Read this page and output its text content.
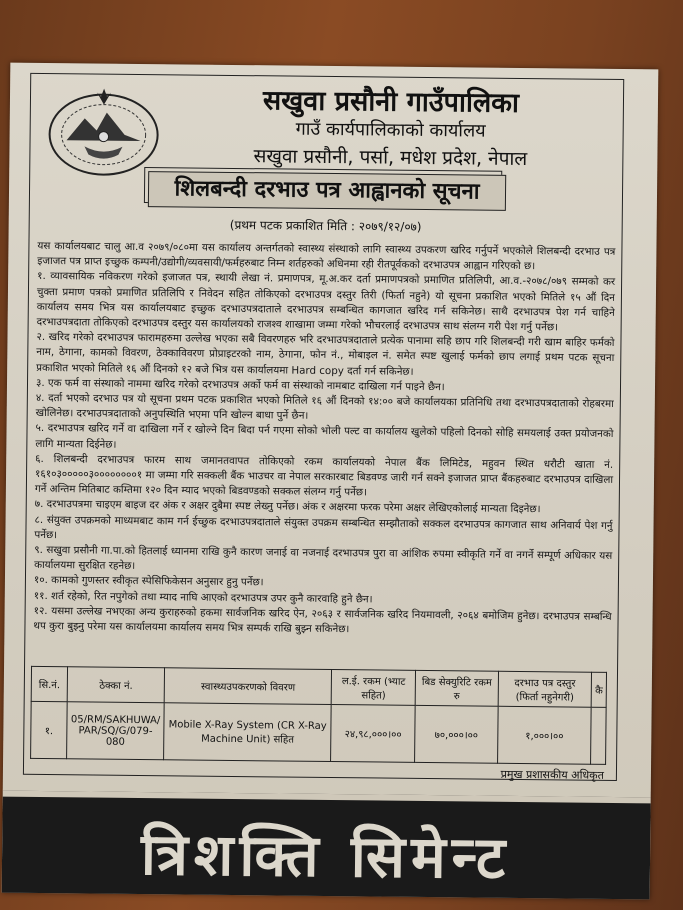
सखुवा प्रसौनी गाउँपालिका
गाउँ कार्यपालिकाको कार्यालय
सखुवा प्रसौनी, पर्सा, मधेश प्रदेश, नेपाल
शिलबन्दी दरभाउ पत्र आह्वानको सूचना
(प्रथम पटक प्रकाशित मिति : २०७९/१२/०७)

यस कार्यालयबाट चालु आ.व २०७९/०८०मा यस कार्यालय अन्तर्गतको स्वास्थ्य संस्थाको लागि स्वास्थ्य उपकरण खरिद गर्नुपर्ने भएकोले शिलबन्दी दरभाउ पत्र इजाजत पत्र प्राप्त इच्छुक कम्पनी/उद्योगी/व्यवसायी/फर्महरुबाट निम्न शर्तहरुको अधिनमा रही रीतपूर्वकको दरभाउपत्र आह्वान गरिएको छ।

१. व्यावसायिक नविकरण गरेको इजाजत पत्र, स्थायी लेखा नं. प्रमाणपत्र, मू.अ.कर दर्ता प्रमाणपत्रको प्रमाणित प्रतिलिपी, आ.व.-२०७८/०७९ सम्मको कर चुक्ता प्रमाण पत्रको प्रमाणित प्रतिलिपि र निवेदन सहित तोकिएको दरभाउपत्र दस्तुर तिरी (फिर्ता नहुने) यो सूचना प्रकाशित भएको मितिले १५ औं दिन कार्यालय समय भित्र यस कार्यालयबाट इच्छुक दरभाउपत्रदाताले दरभाउपत्र सम्बन्धित कागजात खरिद गर्न सकिनेछ। साथै दरभाउपत्र पेश गर्न चाहिने दरभाउपत्रदाता तोकिएको दरभाउपत्र दस्तुर यस कार्यालयको राजश्व शाखामा जम्मा गरेको भौचरलाई दरभाउपत्र साथ संलग्न गरी पेश गर्नु पर्नेछ।

२. खरिद गरेको दरभाउपत्र फारामहरुमा उल्लेख भएका सबै विवरणहरु भरि दरभाउपत्रदाताले प्रत्येक पानामा सहि छाप गरि शिलबन्दी गरी खाम बाहिर फर्मको नाम, ठेगाना, कामको विवरण, ठेक्काविवरण प्रोप्राइटरको नाम, ठेगाना, फोन नं., मोबाइल नं. समेत स्पष्ट खुलाई फर्मको छाप लगाई प्रथम पटक सूचना प्रकाशित भएको मितिले १६ औं दिनको १२ बजे भित्र यस कार्यालयमा Hard copy दर्ता गर्न सकिनेछ।

३. एक फर्म वा संस्थाको नाममा खरिद गरेको दरभाउपत्र अर्को फर्म वा संस्थाको नामबाट दाखिला गर्न पाइने छैन।

४. दर्ता भएको दरभाउ पत्र यो सूचना प्रथम पटक प्रकाशित भएको मितिले १६ औं दिनको १४:०० बजे कार्यालयका प्रतिनिधि तथा दरभाउपत्रदाताको रोहबरमा खोलिनेछ। दरभाउपत्रदाताको अनुपस्थिति भएमा पनि खोल्न बाधा पुर्ने छैन।

५. दरभाउपत्र खरिद गर्ने वा दाखिला गर्ने र खोल्ने दिन बिदा पर्न गएमा सोको भोली पल्ट वा कार्यालय खुलेको पहिलो दिनको सोहि समयलाई उक्त प्रयोजनको लागि मान्यता दिईनेछ।

६. शिलबन्दी दरभाउपत्र फारम साथ जमानतवापत तोकिएको रकम कार्यालयको नेपाल बैंक लिमिटेड, महुवन स्थित धरौटी खाता नं. १६१०३०००००३००००००००१ मा जम्मा गरि सक्कली बैंक भाउचर वा नेपाल सरकारबाट बिडवण्ड जारी गर्न सक्ने इजाजत प्राप्त बैंकहरुबाट दरभाउपत्र दाखिला गर्ने अन्तिम मितिबाट कम्तिमा १२० दिन म्याद भएको बिडवण्डको सक्कल संलग्न गर्नु पर्नेछ।

७. दरभाउपत्रमा चाइएम बाइज दर अंक र अक्षर दुबैमा स्पष्ट लेख्नु पर्नेछ। अंक र अक्षरमा फरक परेमा अक्षर लेखिएकोलाई मान्यता दिइनेछ।

८. संयुक्त उपक्रमको माध्यमबाट काम गर्न ईच्छुक दरभाउपत्रदाताले संयुक्त उपक्रम सम्बन्धित सम्झौताको सक्कल दरभाउपत्र कागजात साथ अनिवार्य पेश गर्नु पर्नेछ।

९. सखुवा प्रसौनी गा.पा.को हितलाई ध्यानमा राखि कुनै कारण जनाई वा नजनाई दरभाउपत्र पुरा वा आंशिक रुपमा स्वीकृति गर्ने वा नगर्ने सम्पूर्ण अधिकार यस कार्यालयमा सुरक्षित रहनेछ।

१०. कामको गुणस्तर स्वीकृत स्पेसिफिकेसन अनुसार हुनु पर्नेछ।

११. शर्त रहेको, रित नपुगेको तथा म्याद नाघि आएको दरभाउपत्र उपर कुनै कारवाहि हुने छैन।

१२. यसमा उल्लेख नभएका अन्य कुराहरुको हकमा सार्वजनिक खरिद ऐन, २०६३ र सार्वजनिक खरिद नियमावली, २०६४ बमोजिम हुनेछ। दरभाउपत्र सम्बन्धि थप कुरा बुझ्नु परेमा यस कार्यालयमा कार्यालय समय भित्र सम्पर्क राखि बुझ्न सकिनेछ।

सि.नं.	ठेक्का नं.	स्वास्थ्यउपकरणको विवरण	ल.ई. रकम (भ्याट सहित)	बिड सेक्युरिटि रकम रु	दरभाउ पत्र दस्तुर (फिर्ता नहुनेगरी)	कै
१.	05/RM/SAKHUWA/ PAR/SQ/G/079-080	Mobile X-Ray System (CR X-Ray Machine Unit) सहित	२४,९८,०००।००	७०,०००।००	१,०००।००	
प्रमुख प्रशासकीय अधिकृत
त्रिशक्ति सिमेन्ट
